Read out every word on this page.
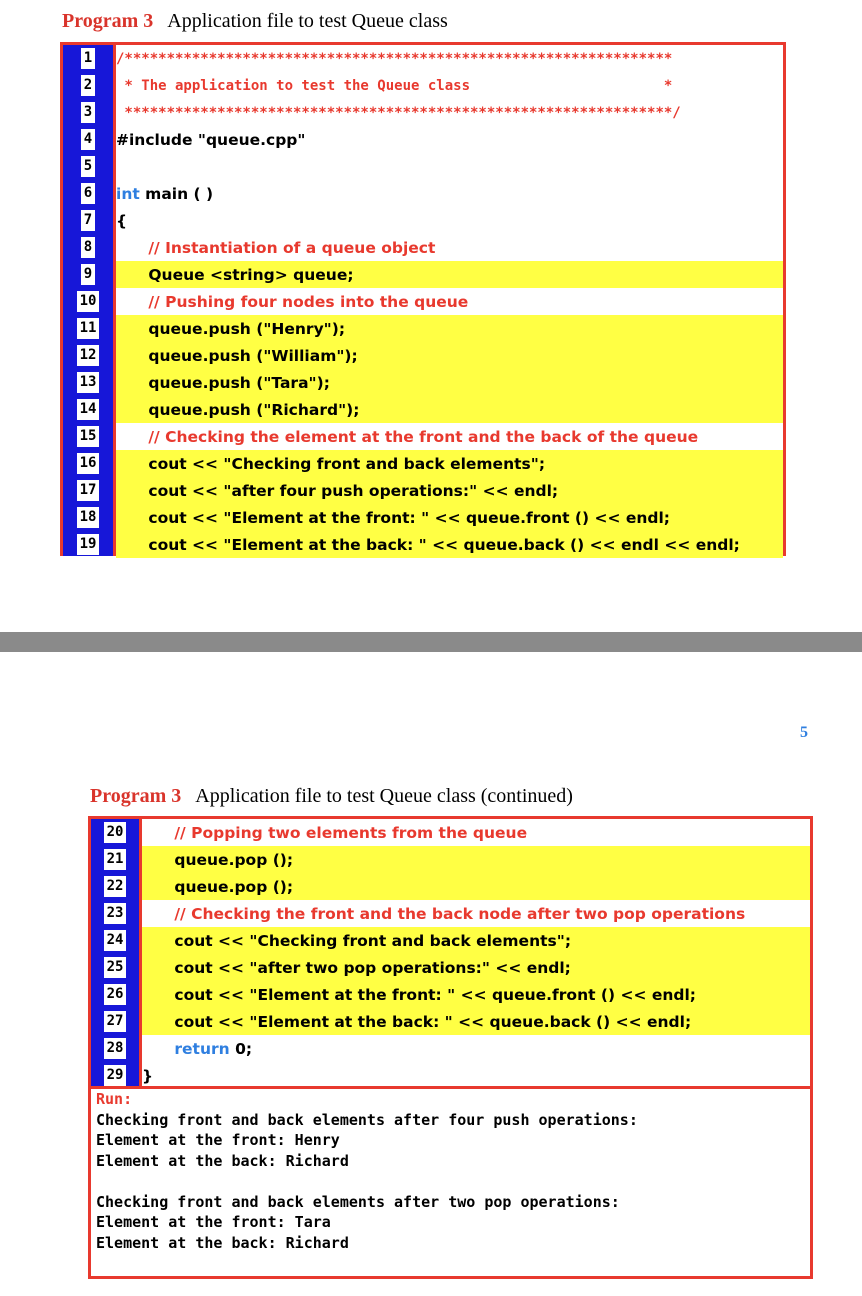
Program 3 Application file to test Queue class
1 /*****************************************************************
2 * The application to test the Queue class                       *
3 *****************************************************************/
4 #include "queue.cpp"
5
6 int main ( )
7 {
8 // Instantiation of a queue object
9 Queue <string> queue;
10 // Pushing four nodes into the queue
11 queue.push ("Henry");
12 queue.push ("William");
13 queue.push ("Tara");
14 queue.push ("Richard");
15 // Checking the element at the front and the back of the queue
16 cout << "Checking front and back elements";
17 cout << "after four push operations:" << endl;
18 cout << "Element at the front: " << queue.front () << endl;
19 cout << "Element at the back: " << queue.back () << endl << endl;
5
Program 3 Application file to test Queue class (continued)
20 // Popping two elements from the queue
21 queue.pop ();
22 queue.pop ();
23 // Checking the front and the back node after two pop operations
24 cout << "Checking front and back elements";
25 cout << "after two pop operations:" << endl;
26 cout << "Element at the front: " << queue.front () << endl;
27 cout << "Element at the back: " << queue.back () << endl;
28
	return 0;
29 }
Run:
Checking front and back elements after four push operations:
Element at the front: Henry
Element at the back: Richard
Checking front and back elements after two pop operations:
Element at the front: Tara
Element at the back: Richard
